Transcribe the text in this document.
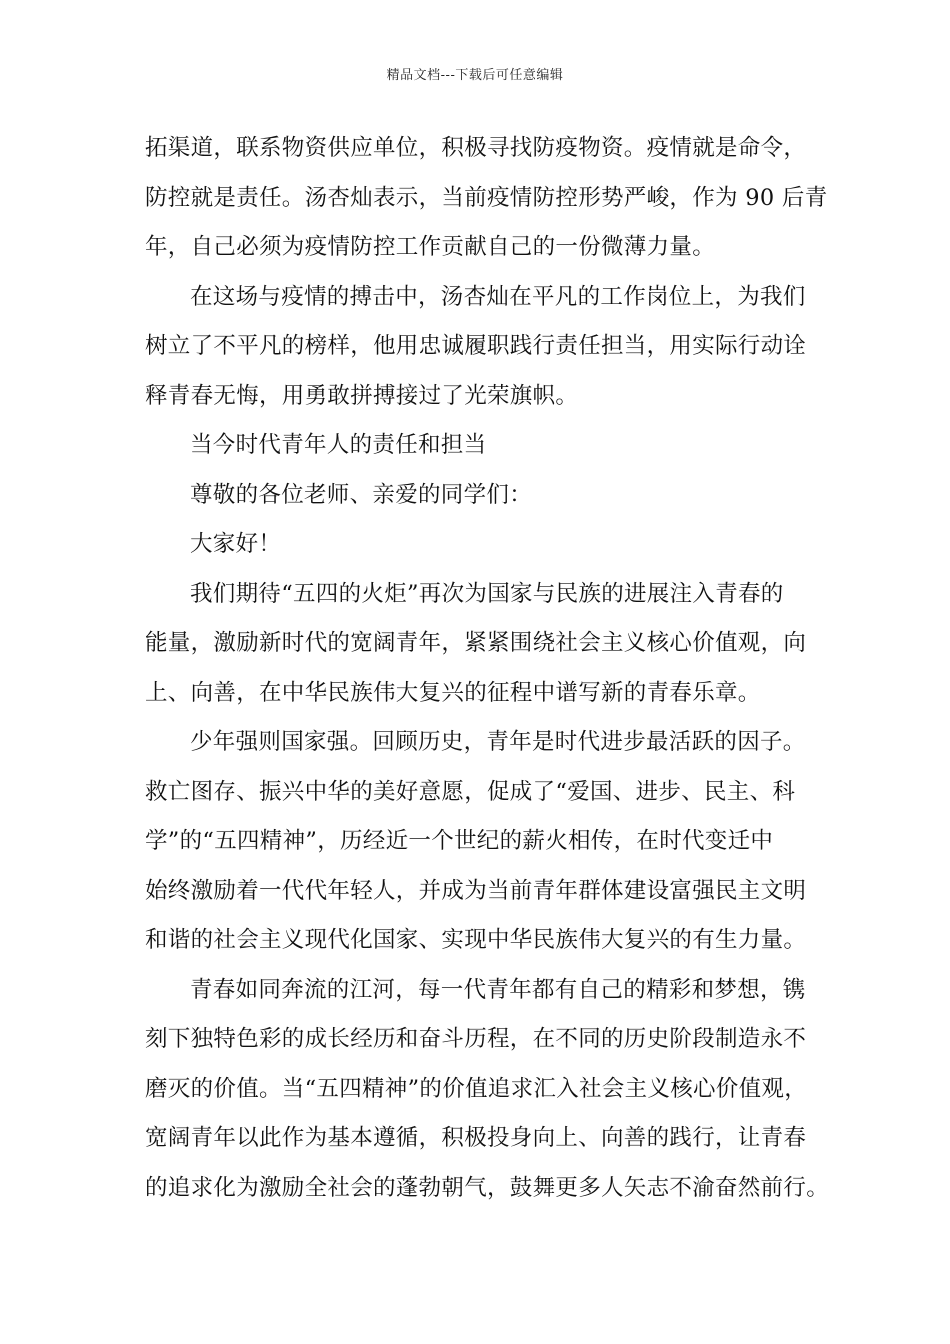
精品文档---下载后可任意编辑
拓渠道，联系物资供应单位，积极寻找防疫物资。疫情就是命令，
防控就是责任。汤杏灿表示，当前疫情防控形势严峻，作为 90 后青
年，自己必须为疫情防控工作贡献自己的一份微薄力量。
在这场与疫情的搏击中，汤杏灿在平凡的工作岗位上，为我们
树立了不平凡的榜样，他用忠诚履职践行责任担当，用实际行动诠
释青春无悔，用勇敢拼搏接过了光荣旗帜。
当今时代青年人的责任和担当
尊敬的各位老师、亲爱的同学们：
大家好！
我们期待“五四的火炬”再次为国家与民族的进展注入青春的
能量，激励新时代的宽阔青年，紧紧围绕社会主义核心价值观，向
上、向善，在中华民族伟大复兴的征程中谱写新的青春乐章。
少年强则国家强。回顾历史，青年是时代进步最活跃的因子。
救亡图存、振兴中华的美好意愿，促成了“爱国、进步、民主、科
学”的“五四精神”，历经近一个世纪的薪火相传，在时代变迁中
始终激励着一代代年轻人，并成为当前青年群体建设富强民主文明
和谐的社会主义现代化国家、实现中华民族伟大复兴的有生力量。
青春如同奔流的江河，每一代青年都有自己的精彩和梦想，镌
刻下独特色彩的成长经历和奋斗历程，在不同的历史阶段制造永不
磨灭的价值。当“五四精神”的价值追求汇入社会主义核心价值观，
宽阔青年以此作为基本遵循，积极投身向上、向善的践行，让青春
的追求化为激励全社会的蓬勃朝气，鼓舞更多人矢志不渝奋然前行。
